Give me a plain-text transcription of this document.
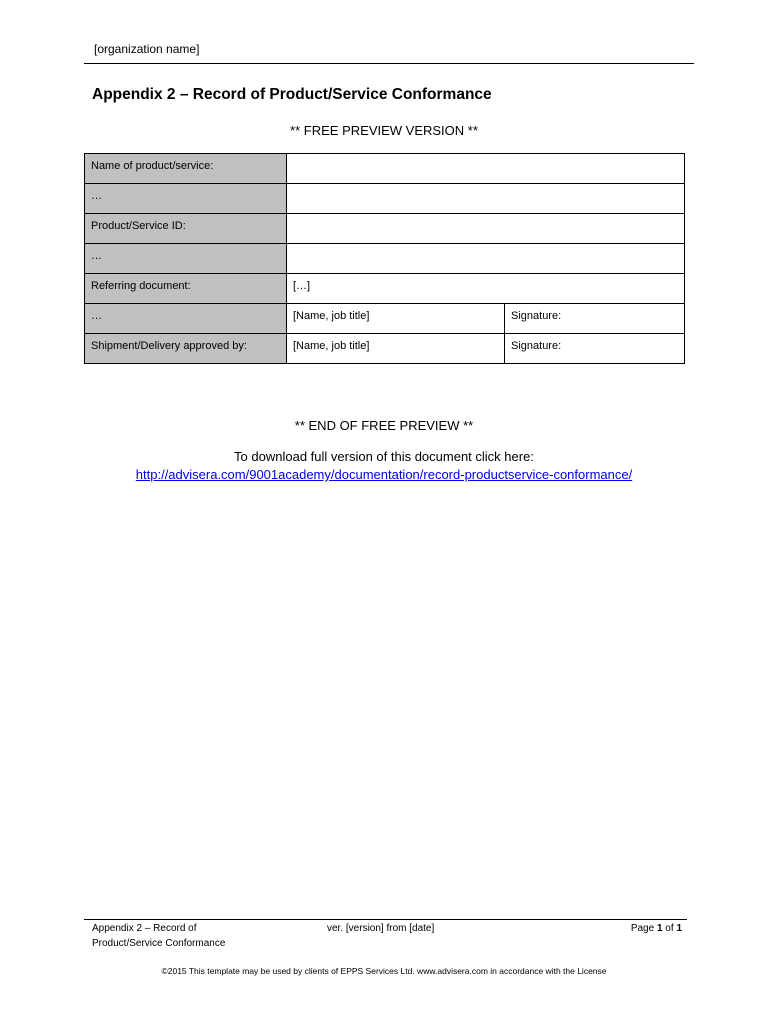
[organization name]
Appendix 2 – Record of Product/Service Conformance
** FREE PREVIEW VERSION **
Name of product/service:		
…		
Product/Service ID:		
…		
Referring document:	[…]	
…	[Name, job title]	Signature:
Shipment/Delivery approved by:	[Name, job title]	Signature:
** END OF FREE PREVIEW **
To download full version of this document click here:
http://advisera.com/9001academy/documentation/record-productservice-conformance/
Appendix 2 – Record of
Product/Service Conformance
ver. [version] from [date]	Page 1 of 1
©2015 This template may be used by clients of EPPS Services Ltd. www.advisera.com in accordance with the License
